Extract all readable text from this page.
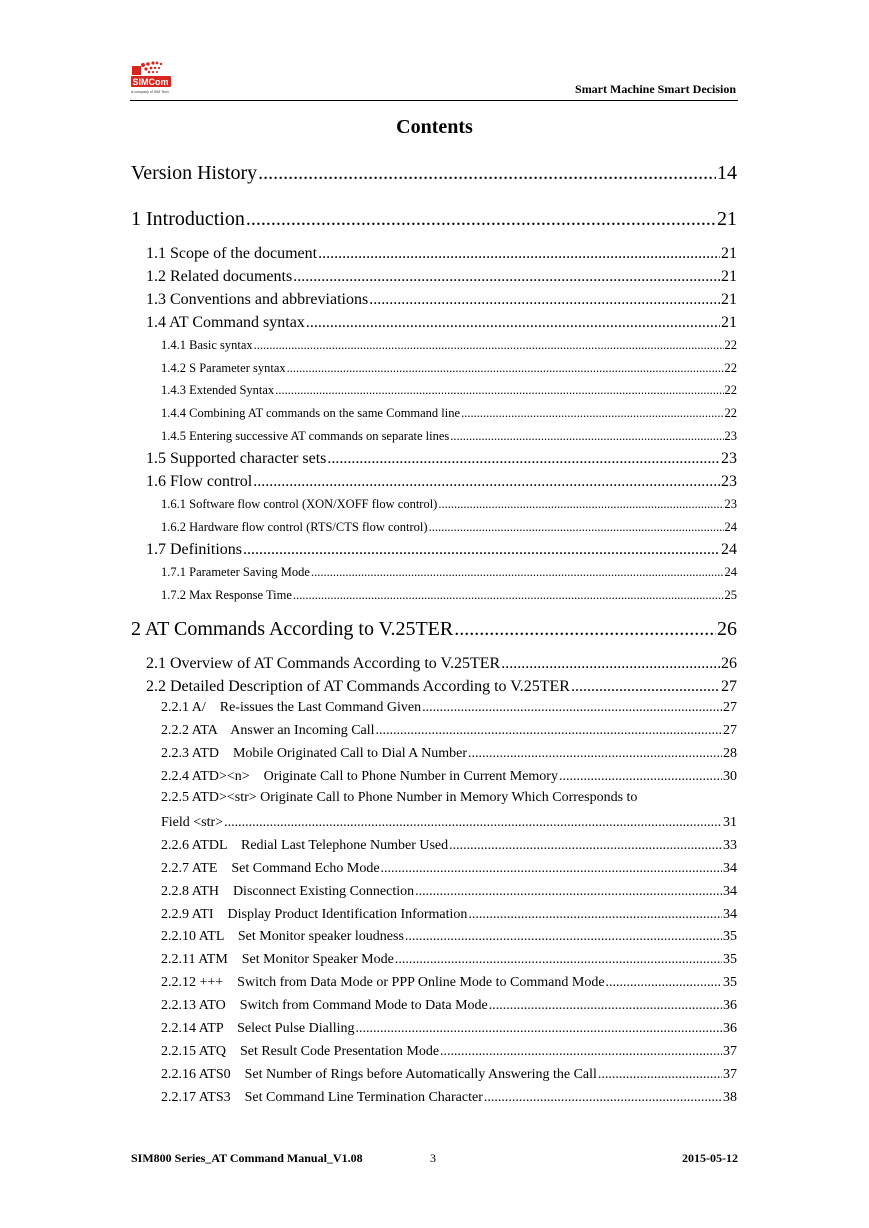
SIMCom
A company of SIM Tech	Smart Machine Smart Decision
Contents
Version History .....	14
1 Introduction .....	21
1.1 Scope of the document .....	21
1.2 Related documents .....	21
1.3 Conventions and abbreviations .....	21
1.4 AT Command syntax .....	21
1.4.1 Basic syntax .....	22
1.4.2 S Parameter syntax .....	22
1.4.3 Extended Syntax .....	22
1.4.4 Combining AT commands on the same Command line .....	22
1.4.5 Entering successive AT commands on separate lines .....	23
1.5 Supported character sets .....	23
1.6 Flow control .....	23
1.6.1 Software flow control (XON/XOFF flow control) .....	23
1.6.2 Hardware flow control (RTS/CTS flow control) .....	24
1.7 Definitions .....	24
1.7.1 Parameter Saving Mode .....	24
1.7.2 Max Response Time .....	25
2 AT Commands According to V.25TER .....	26
2.1 Overview of AT Commands According to V.25TER .....	26
2.2 Detailed Description of AT Commands According to V.25TER .....	27
2.2.1 A/    Re-issues the Last Command Given .....	27
2.2.2 ATA    Answer an Incoming Call .....	27
2.2.3 ATD    Mobile Originated Call to Dial A Number .....	28
2.2.4 ATD><n>    Originate Call to Phone Number in Current Memory .....	30
2.2.5 ATD><str> Originate Call to Phone Number in Memory Which Corresponds to
Field <str> .....	31
2.2.6 ATDL    Redial Last Telephone Number Used .....	33
2.2.7 ATE    Set Command Echo Mode .....	34
2.2.8 ATH    Disconnect Existing Connection .....	34
2.2.9 ATI    Display Product Identification Information .....	34
2.2.10 ATL    Set Monitor speaker loudness .....	35
2.2.11 ATM    Set Monitor Speaker Mode .....	35
2.2.12 +++    Switch from Data Mode or PPP Online Mode to Command Mode .....	35
2.2.13 ATO    Switch from Command Mode to Data Mode .....	36
2.2.14 ATP    Select Pulse Dialling .....	36
2.2.15 ATQ    Set Result Code Presentation Mode .....	37
2.2.16 ATS0    Set Number of Rings before Automatically Answering the Call .....	37
2.2.17 ATS3    Set Command Line Termination Character .....	38
SIM800 Series_AT Command Manual_V1.08	3	2015-05-12
